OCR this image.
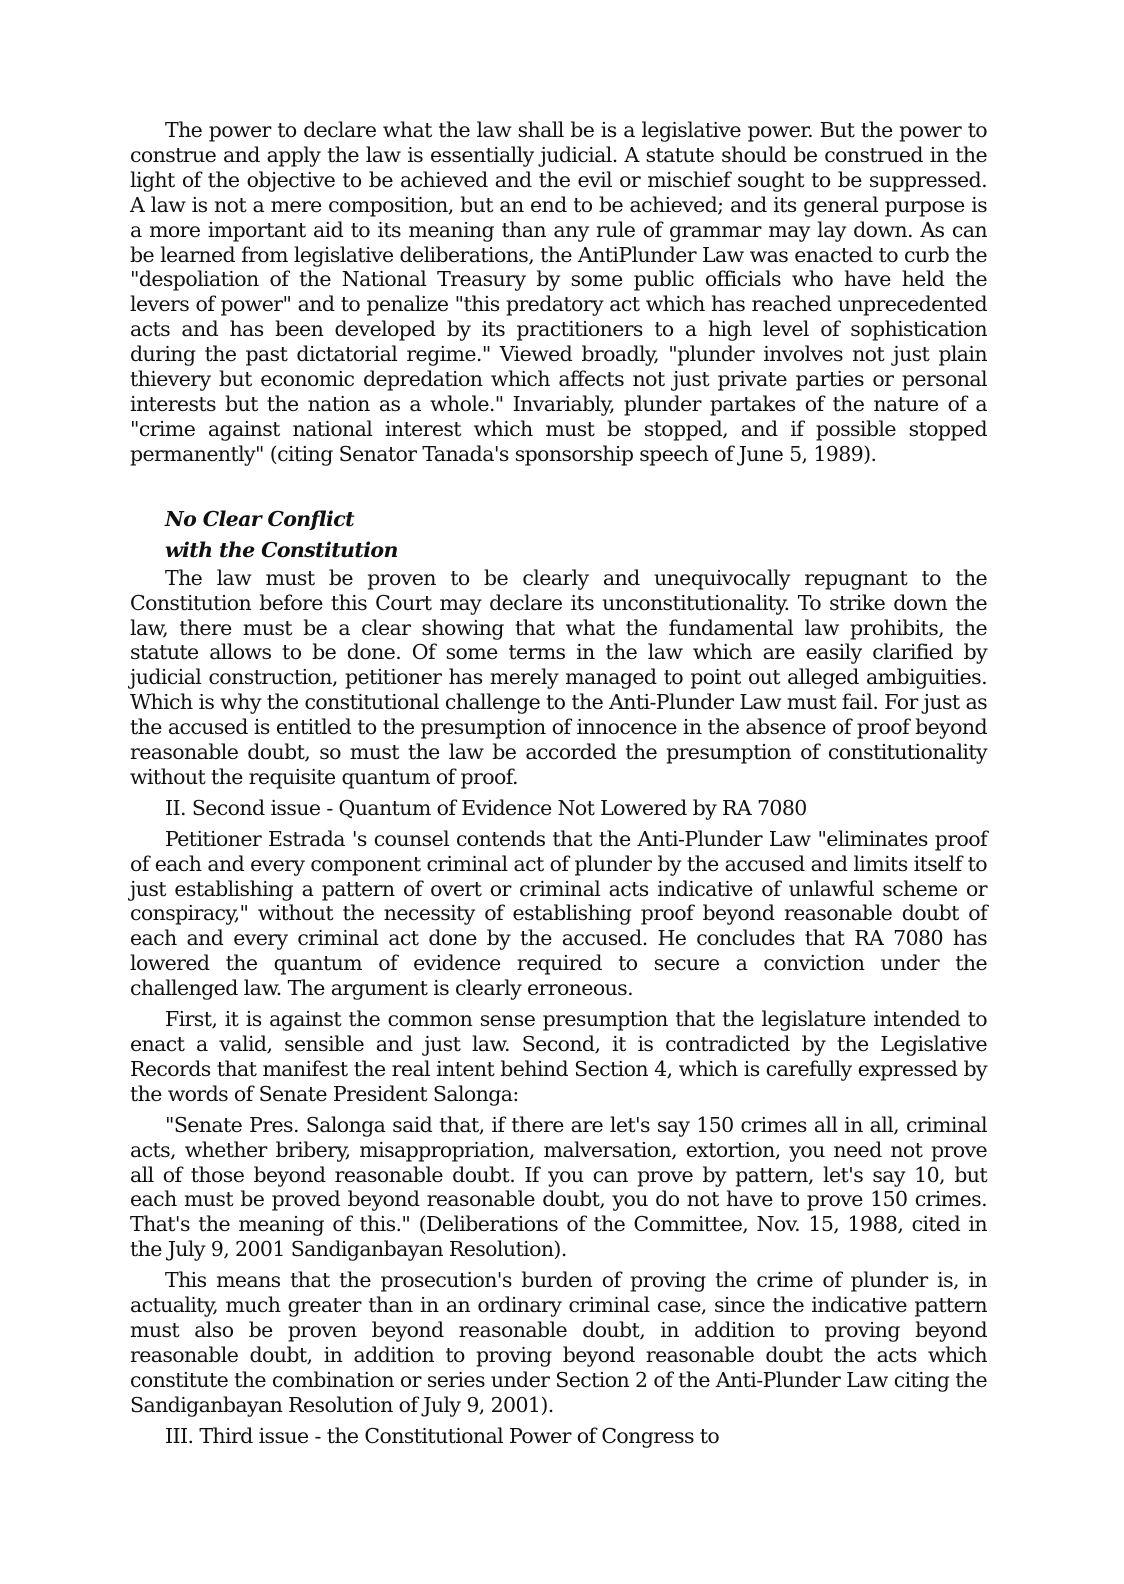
The power to declare what the law shall be is a legislative power. But the power to construe and apply the law is essentially judicial. A statute should be construed in the light of the objective to be achieved and the evil or mischief sought to be suppressed. A law is not a mere composition, but an end to be achieved; and its general purpose is a more important aid to its meaning than any rule of grammar may lay down. As can be learned from legislative deliberations, the AntiPlunder Law was enacted to curb the "despoliation of the National Treasury by some public officials who have held the levers of power" and to penalize "this predatory act which has reached unprecedented acts and has been developed by its practitioners to a high level of sophistication during the past dictatorial regime." Viewed broadly, "plunder involves not just plain thievery but economic depredation which affects not just private parties or personal interests but the nation as a whole." Invariably, plunder partakes of the nature of a "crime against national interest which must be stopped, and if possible stopped permanently" (citing Senator Tanada's sponsorship speech of June 5, 1989).

No Clear Conflict

with the Constitution

The law must be proven to be clearly and unequivocally repugnant to the Constitution before this Court may declare its unconstitutionality. To strike down the law, there must be a clear showing that what the fundamental law prohibits, the statute allows to be done. Of some terms in the law which are easily clarified by judicial construction, petitioner has merely managed to point out alleged ambiguities. Which is why the constitutional challenge to the Anti-Plunder Law must fail. For just as the accused is entitled to the presumption of innocence in the absence of proof beyond reasonable doubt, so must the law be accorded the presumption of constitutionality without the requisite quantum of proof.

II. Second issue - Quantum of Evidence Not Lowered by RA 7080

Petitioner Estrada 's counsel contends that the Anti-Plunder Law "eliminates proof of each and every component criminal act of plunder by the accused and limits itself to just establishing a pattern of overt or criminal acts indicative of unlawful scheme or conspiracy," without the necessity of establishing proof beyond reasonable doubt of each and every criminal act done by the accused. He concludes that RA 7080 has lowered the quantum of evidence required to secure a conviction under the challenged law. The argument is clearly erroneous.

First, it is against the common sense presumption that the legislature intended to enact a valid, sensible and just law. Second, it is contradicted by the Legislative Records that manifest the real intent behind Section 4, which is carefully expressed by the words of Senate President Salonga:

"Senate Pres. Salonga said that, if there are let's say 150 crimes all in all, criminal acts, whether bribery, misappropriation, malversation, extortion, you need not prove all of those beyond reasonable doubt. If you can prove by pattern, let's say 10, but each must be proved beyond reasonable doubt, you do not have to prove 150 crimes. That's the meaning of this." (Deliberations of the Committee, Nov. 15, 1988, cited in the July 9, 2001 Sandiganbayan Resolution).

This means that the prosecution's burden of proving the crime of plunder is, in actuality, much greater than in an ordinary criminal case, since the indicative pattern must also be proven beyond reasonable doubt, in addition to proving beyond reasonable doubt, in addition to proving beyond reasonable doubt the acts which constitute the combination or series under Section 2 of the Anti-Plunder Law citing the Sandiganbayan Resolution of July 9, 2001).

III. Third issue - the Constitutional Power of Congress to
